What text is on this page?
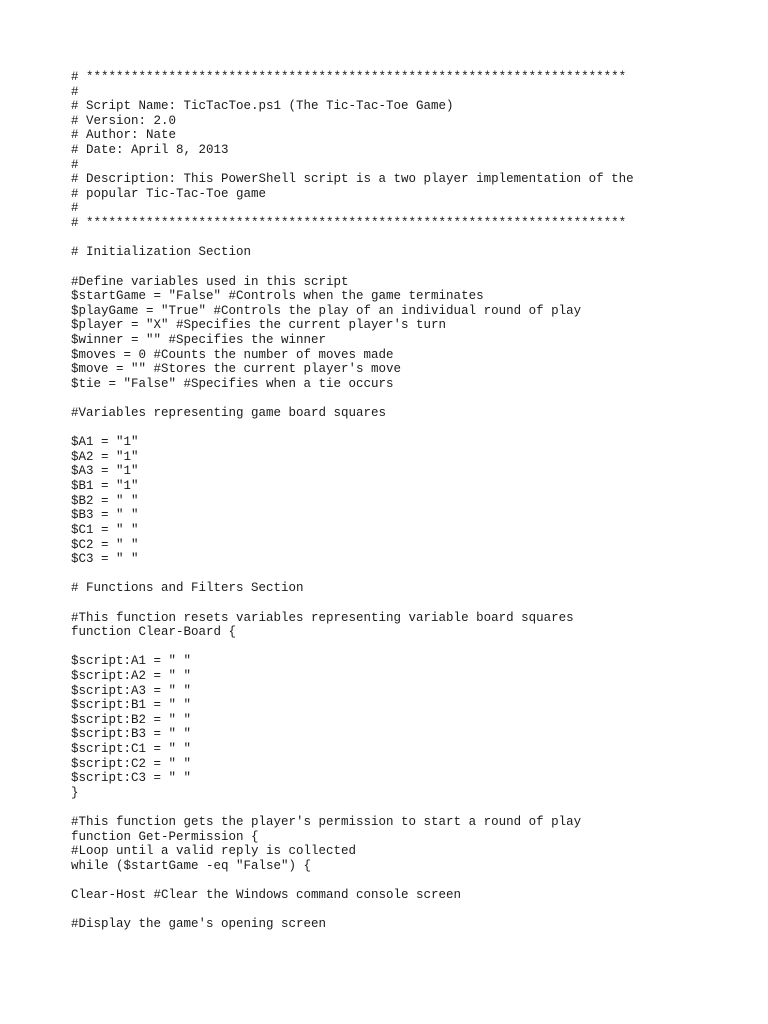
# ************************************************************************
#
# Script Name: TicTacToe.ps1 (The Tic-Tac-Toe Game)
# Version: 2.0
# Author: Nate
# Date: April 8, 2013
#
# Description: This PowerShell script is a two player implementation of the
# popular Tic-Tac-Toe game
#
# ************************************************************************
# Initialization Section
#Define variables used in this script
$startGame = "False" #Controls when the game terminates
$playGame = "True" #Controls the play of an individual round of play
$player = "X" #Specifies the current player's turn
$winner = "" #Specifies the winner
$moves = 0 #Counts the number of moves made
$move = "" #Stores the current player's move
$tie = "False" #Specifies when a tie occurs
#Variables representing game board squares
$A1 = "1"
$A2 = "1"
$A3 = "1"
$B1 = "1"
$B2 = " "
$B3 = " "
$C1 = " "
$C2 = " "
$C3 = " "
# Functions and Filters Section
#This function resets variables representing variable board squares
function Clear-Board {
$script:A1 = " "
$script:A2 = " "
$script:A3 = " "
$script:B1 = " "
$script:B2 = " "
$script:B3 = " "
$script:C1 = " "
$script:C2 = " "
$script:C3 = " "
}
#This function gets the player's permission to start a round of play
function Get-Permission {
#Loop until a valid reply is collected
while ($startGame -eq "False") {
Clear-Host #Clear the Windows command console screen
#Display the game's opening screen
